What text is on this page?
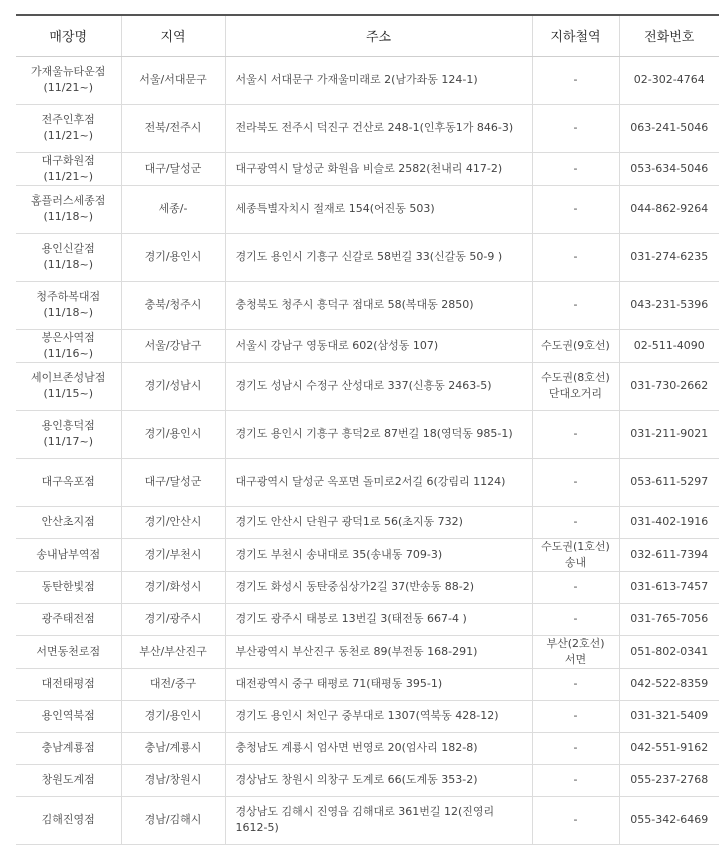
매장명	지역	주소	지하철역	전화번호
가재울뉴타운점 (11/21~)	서울/서대문구	서울시 서대문구 가재울미래로 2(남가좌동 124-1)	-	02-302-4764
전주인후점(11/21~)	전북/전주시	전라북도 전주시 덕진구 건산로 248-1(인후동1가 846-3)	-	063-241-5046
대구화원점(11/21~)	대구/달성군	대구광역시 달성군 화원읍 비슬로 2582(천내리 417-2)	-	053-634-5046
홈플러스세종점 (11/18~)	세종/-	세종특별자치시 절재로 154(어진동 503)	-	044-862-9264
용인신갈점(11/18~)	경기/용인시	경기도 용인시 기흥구 신갈로 58번길 33(신갈동 50-9 )	-	031-274-6235
청주하복대점 (11/18~)	충북/청주시	충청북도 청주시 흥덕구 점대로 58(복대동 2850)	-	043-231-5396
봉은사역점(11/16~)	서울/강남구	서울시 강남구 영동대로 602(삼성동 107)	수도권(9호선)	02-511-4090
세이브존성남점 (11/15~)	경기/성남시	경기도 성남시 수정구 산성대로 337(신흥동 2463-5)	수도권(8호선)단대오거리	031-730-2662
용인흥덕점(11/17~)	경기/용인시	경기도 용인시 기흥구 흥덕2로 87번길 18(영덕동 985-1)	-	031-211-9021
대구옥포점	대구/달성군	대구광역시 달성군 옥포면 돌미로2서길 6(강림리 1124)	-	053-611-5297
안산초지점	경기/안산시	경기도 안산시 단원구 광덕1로 56(초지동 732)	-	031-402-1916
송내남부역점	경기/부천시	경기도 부천시 송내대로 35(송내동 709-3)	수도권(1호선)송내	032-611-7394
동탄한빛점	경기/화성시	경기도 화성시 동탄중심상가2길 37(반송동 88-2)	-	031-613-7457
광주태전점	경기/광주시	경기도 광주시 태봉로 13번길 3(태전동 667-4 )	-	031-765-7056
서면동천로점	부산/부산진구	부산광역시 부산진구 동천로 89(부전동 168-291)	부산(2호선)서면	051-802-0341
대전태평점	대전/중구	대전광역시 중구 태평로 71(태평동 395-1)	-	042-522-8359
용인역북점	경기/용인시	경기도 용인시 처인구 중부대로 1307(역북동 428-12)	-	031-321-5409
충남계룡점	충남/계룡시	충청남도 계룡시 엄사면 번영로 20(엄사리 182-8)	-	042-551-9162
창원도계점	경남/창원시	경상남도 창원시 의창구 도계로 66(도계동 353-2)	-	055-237-2768
김해진영점	경남/김해시	경상남도 김해시 진영읍 김해대로 361번길 12(진영리 1612-5)	-	055-342-6469
